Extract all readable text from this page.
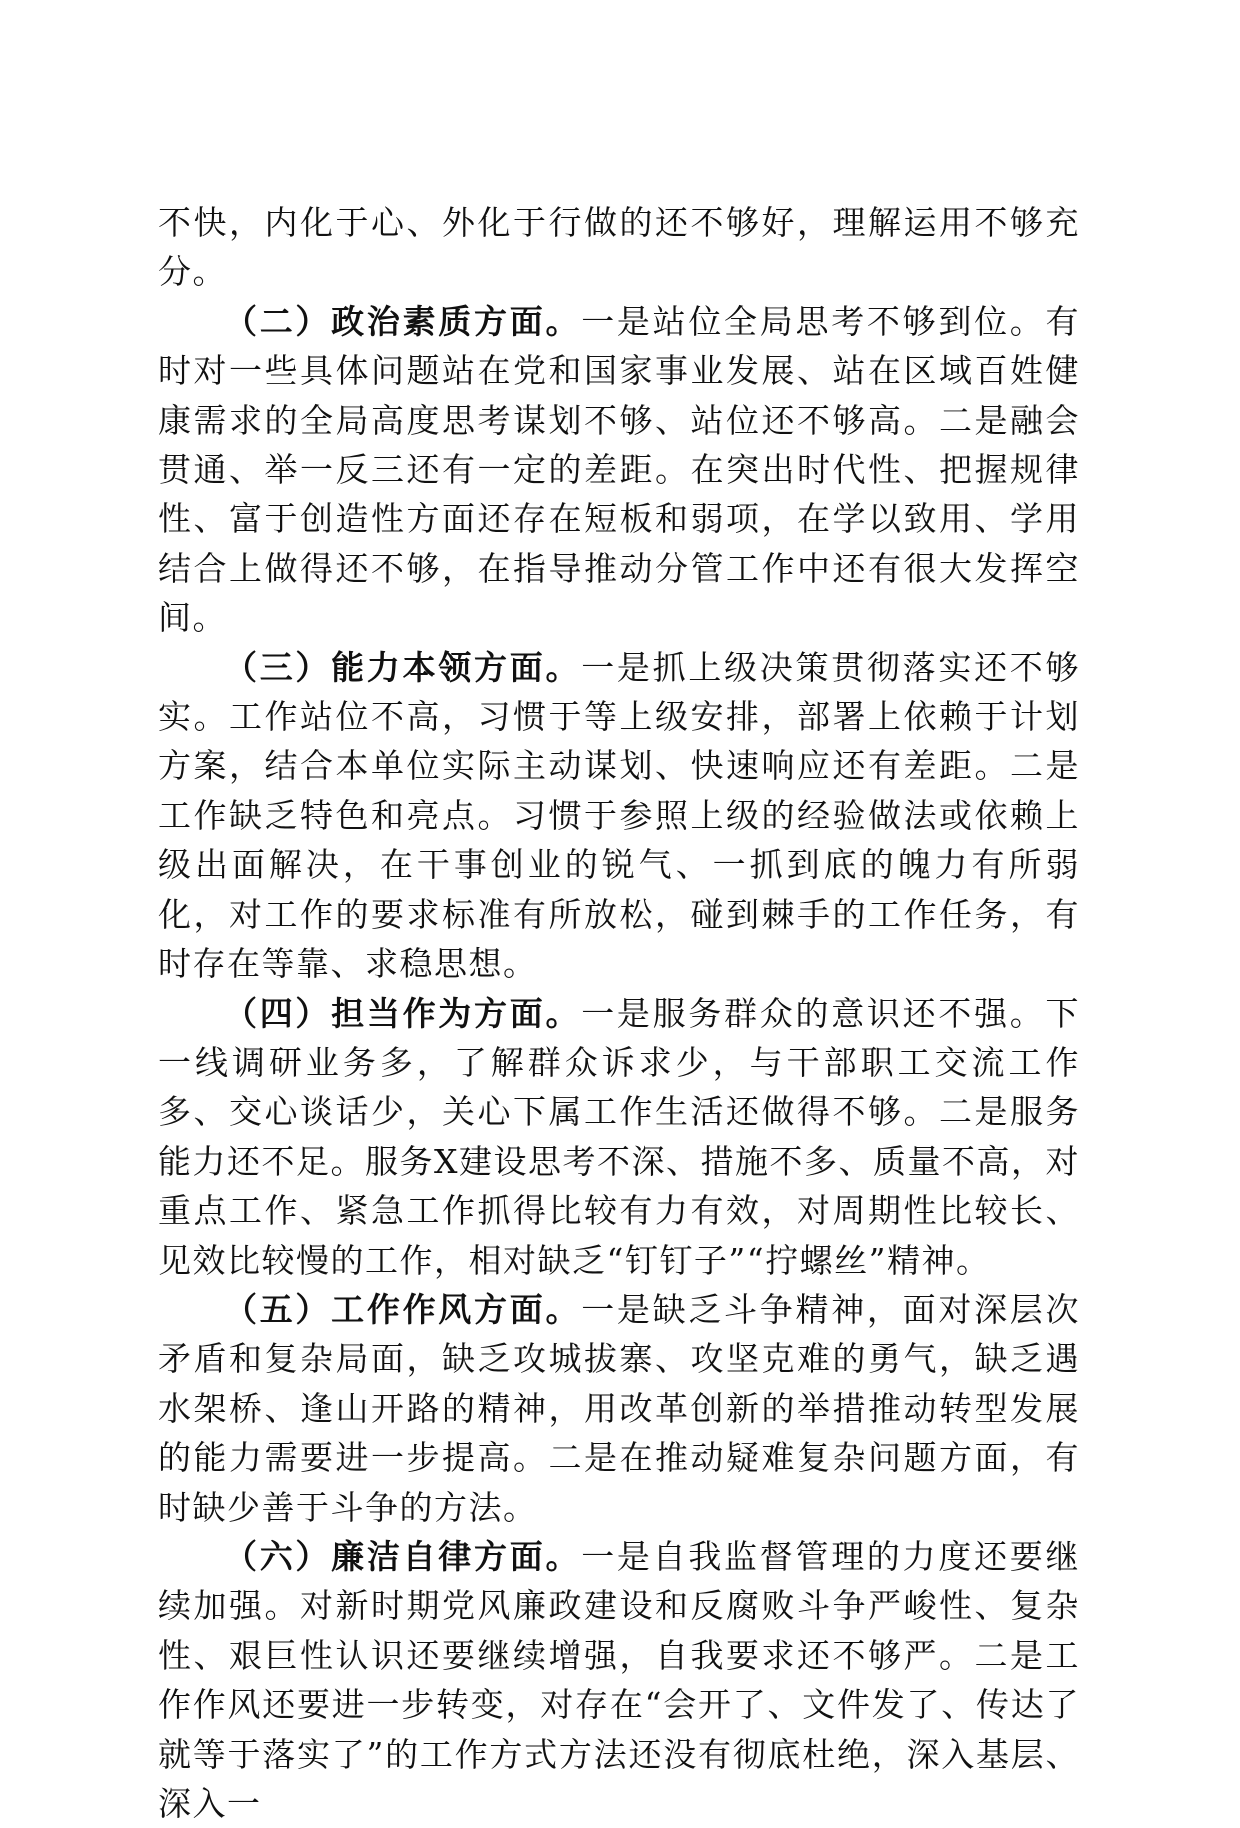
不快，内化于心、外化于行做的还不够好，理解运用不够充分。

（二）政治素质方面。一是站位全局思考不够到位。有时对一些具体问题站在党和国家事业发展、站在区域百姓健康需求的全局高度思考谋划不够、站位还不够高。二是融会贯通、举一反三还有一定的差距。在突出时代性、把握规律性、富于创造性方面还存在短板和弱项，在学以致用、学用结合上做得还不够，在指导推动分管工作中还有很大发挥空间。

（三）能力本领方面。一是抓上级决策贯彻落实还不够实。工作站位不高，习惯于等上级安排，部署上依赖于计划方案，结合本单位实际主动谋划、快速响应还有差距。二是工作缺乏特色和亮点。习惯于参照上级的经验做法或依赖上级出面解决，在干事创业的锐气、一抓到底的魄力有所弱化，对工作的要求标准有所放松，碰到棘手的工作任务，有时存在等靠、求稳思想。

（四）担当作为方面。一是服务群众的意识还不强。下一线调研业务多，了解群众诉求少，与干部职工交流工作多、交心谈话少，关心下属工作生活还做得不够。二是服务能力还不足。服务X建设思考不深、措施不多、质量不高，对重点工作、紧急工作抓得比较有力有效，对周期性比较长、见效比较慢的工作，相对缺乏“钉钉子”“拧螺丝”精神。

（五）工作作风方面。一是缺乏斗争精神，面对深层次矛盾和复杂局面，缺乏攻城拔寨、攻坚克难的勇气，缺乏遇水架桥、逢山开路的精神，用改革创新的举措推动转型发展的能力需要进一步提高。二是在推动疑难复杂问题方面，有时缺少善于斗争的方法。

（六）廉洁自律方面。一是自我监督管理的力度还要继续加强。对新时期党风廉政建设和反腐败斗争严峻性、复杂性、艰巨性认识还要继续增强，自我要求还不够严。二是工作作风还要进一步转变，对存在“会开了、文件发了、传达了就等于落实了”的工作方式方法还没有彻底杜绝，深入基层、深入一
